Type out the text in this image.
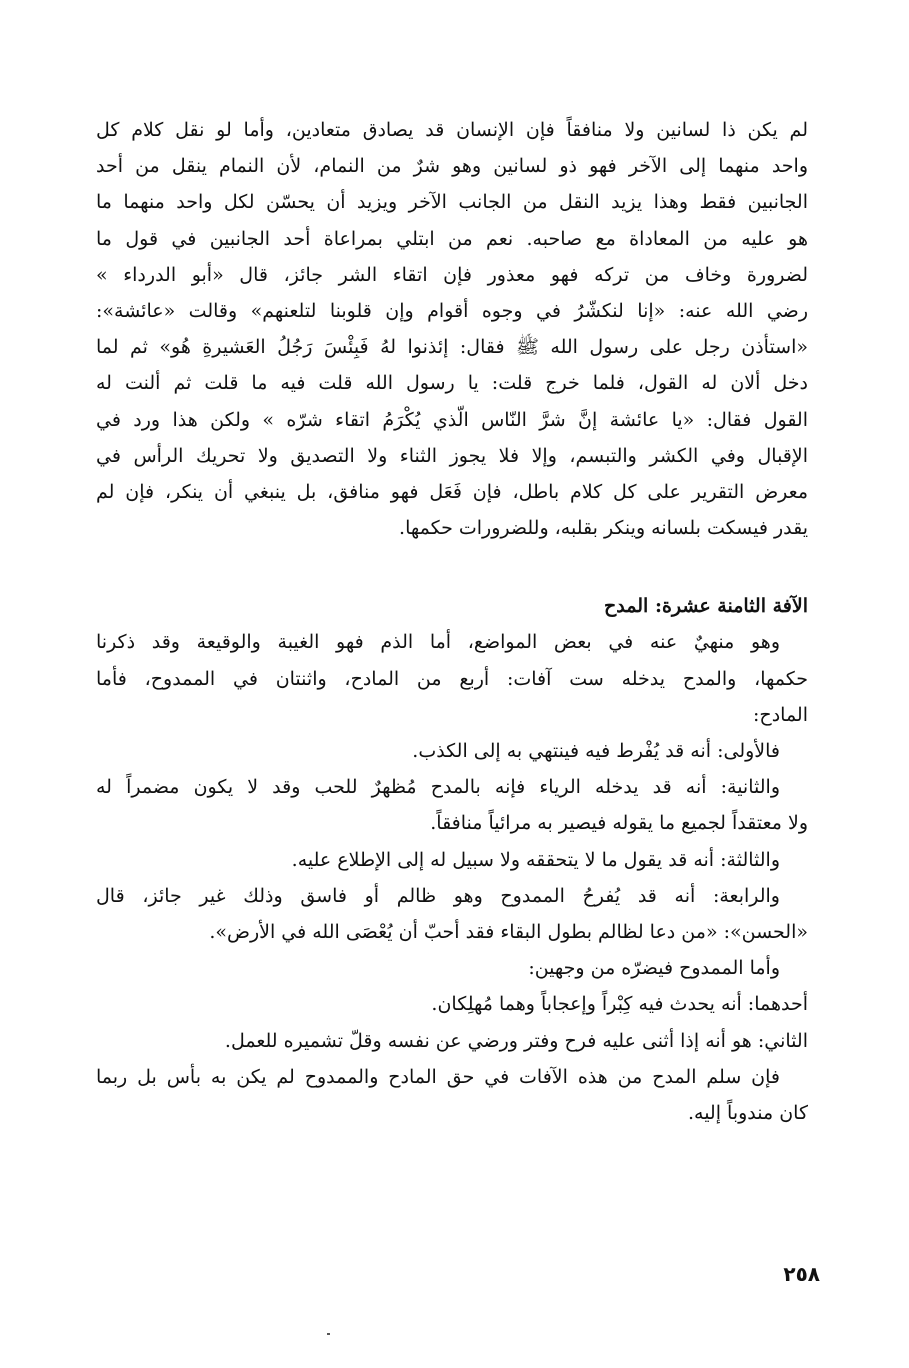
لم يكن ذا لسانين ولا منافقاً فإن الإنسان قد يصادق متعادين، وأما لو نقل كلام كل
واحد منهما إلى الآخر فهو ذو لسانين وهو شرٌ من النمام، لأن النمام ينقل من أحد
الجانبين فقط وهذا يزيد النقل من الجانب الآخر ويزيد أن يحسّن لكل واحد منهما ما
هو عليه من المعاداة مع صاحبه. نعم من ابتلي بمراعاة أحد الجانبين في قول ما
لضرورة وخاف من تركه فهو معذور فإن اتقاء الشر جائز، قال «أبو الدرداء »
رضي الله عنه: «إنا لنكشّرُ في وجوه أقوام وإن قلوبنا لتلعنهم» وقالت «عائشة»:
«استأذن رجل على رسول الله ﷺ فقال: إئذنوا لهُ فَبِئْسَ رَجُلُ العَشيرةِ هُو» ثم لما
دخل ألان له القول، فلما خرج قلت: يا رسول الله قلت فيه ما قلت ثم ألنت له
القول فقال: «يا عائشة إنَّ شرَّ النّاس الّذي يُكْرَمُ اتقاء شرّه » ولكن هذا ورد في
الإقبال وفي الكشر والتبسم، وإلا فلا يجوز الثناء ولا التصديق ولا تحريك الرأس في
معرض التقرير على كل كلام باطل، فإن فَعَل فهو منافق، بل ينبغي أن ينكر، فإن لم
يقدر فيسكت بلسانه وينكر بقلبه، وللضرورات حكمها.
الآفة الثامنة عشرة: المدح
وهو منهيٌ عنه في بعض المواضع، أما الذم فهو الغيبة والوقيعة وقد ذكرنا
حكمها، والمدح يدخله ست آفات: أربع من المادح، واثنتان في الممدوح، فأما
المادح:
فالأولى: أنه قد يُفْرط فيه فينتهي به إلى الكذب.
والثانية: أنه قد يدخله الرياء فإنه بالمدح مُظهرٌ للحب وقد لا يكون مضمراً له
ولا معتقداً لجميع ما يقوله فيصير به مرائياً منافقاً.
والثالثة: أنه قد يقول ما لا يتحققه ولا سبيل له إلى الإطلاع عليه.
والرابعة: أنه قد يُفرحُ الممدوح وهو ظالم أو فاسق وذلك غير جائز، قال
«الحسن»: «من دعا لظالم بطول البقاء فقد أحبّ أن يُعْصَى الله في الأرض».
وأما الممدوح فيضرّه من وجهين:
أحدهما: أنه يحدث فيه كِبْراً وإعجاباً وهما مُهلِكان.
الثاني: هو أنه إذا أثنى عليه فرح وفتر ورضي عن نفسه وقلّ تشميره للعمل.
فإن سلم المدح من هذه الآفات في حق المادح والممدوح لم يكن به بأس بل ربما
كان مندوباً إليه.
٢٥٨
